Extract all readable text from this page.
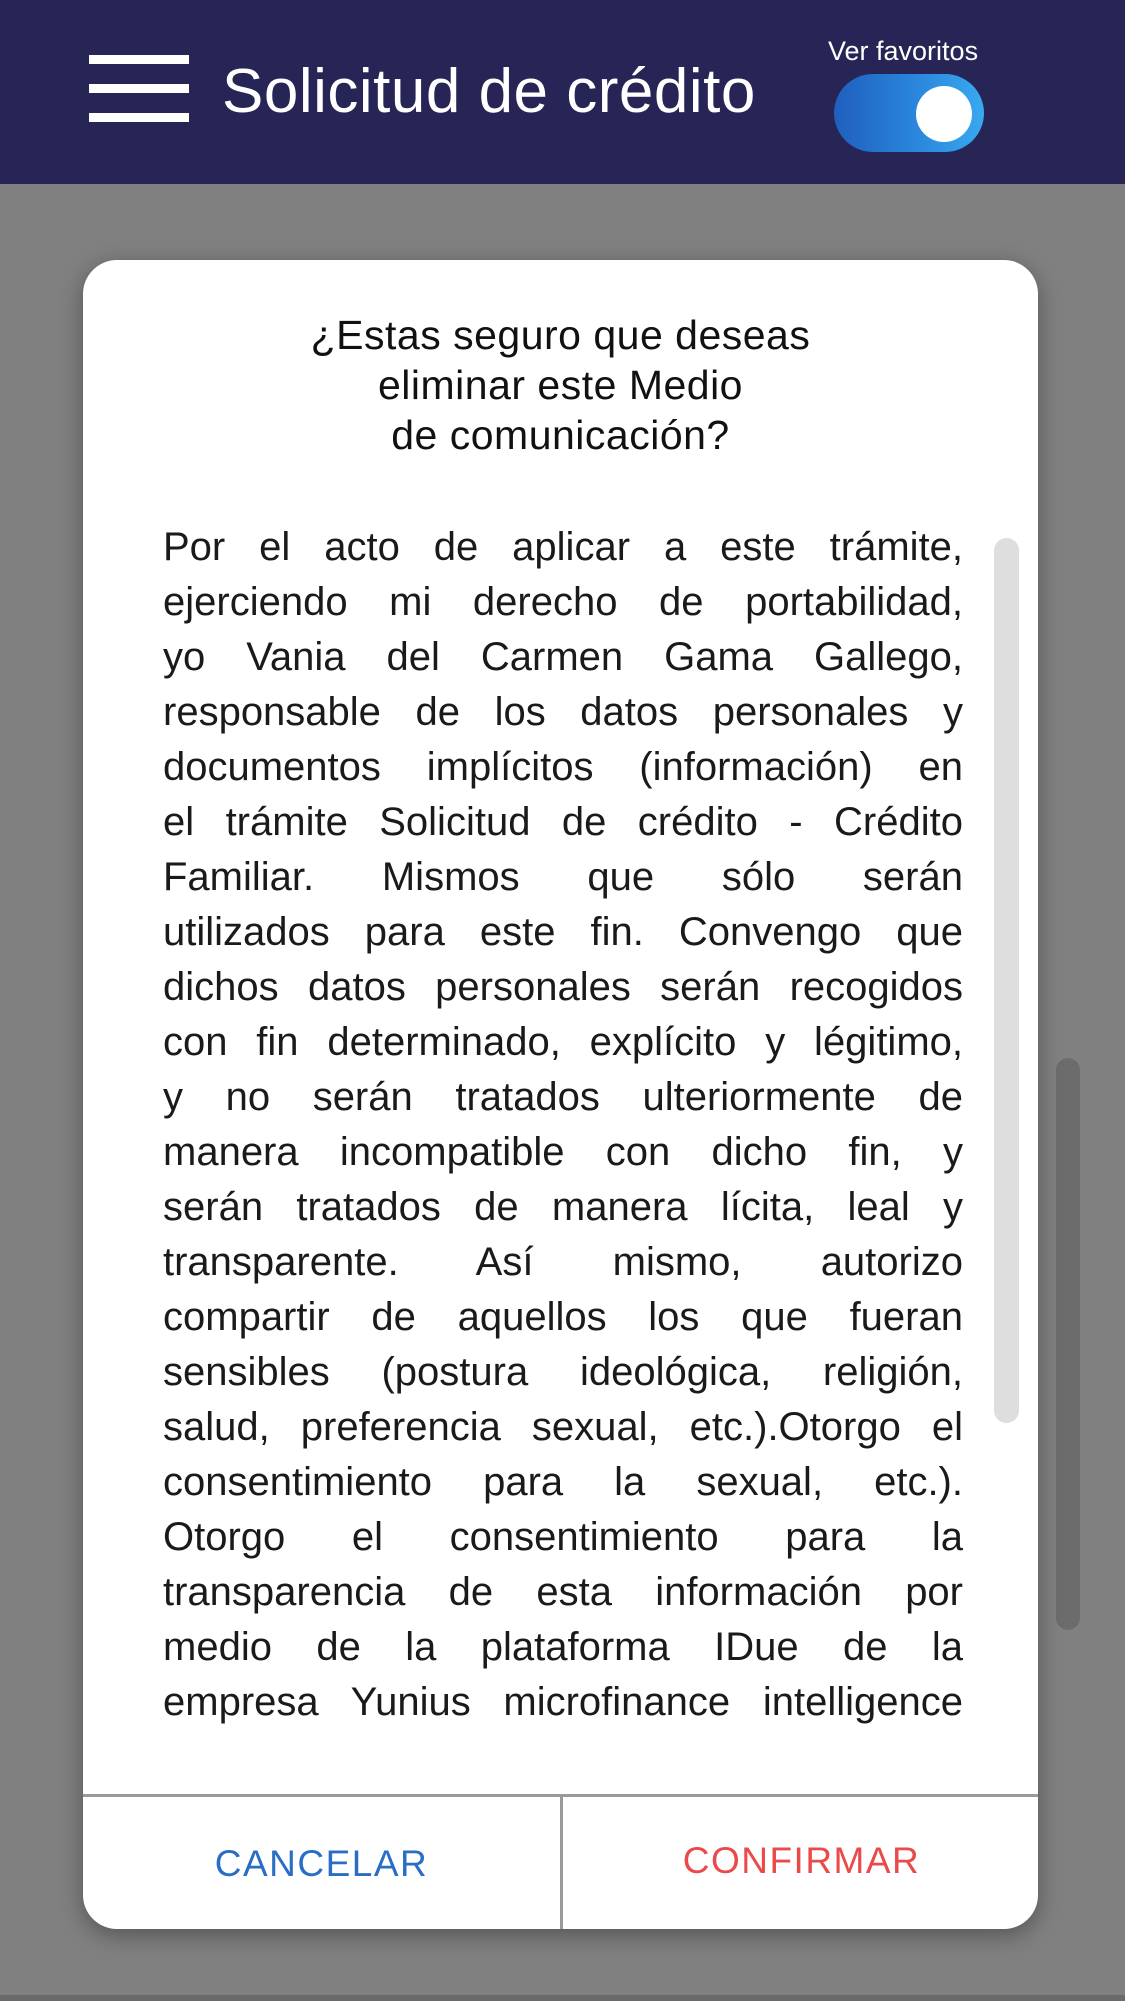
Solicitud de crédito
Ver favoritos
¿Estas seguro que deseas
eliminar este Medio
de comunicación?
Por el acto de aplicar a este trámite,
ejerciendo mi derecho de portabilidad,
yo Vania del Carmen Gama Gallego,
responsable de los datos personales y
documentos implícitos (información) en
el trámite Solicitud de crédito - Crédito
Familiar. Mismos que sólo serán
utilizados para este fin. Convengo que
dichos datos personales serán recogidos
con fin determinado, explícito y légitimo,
y no serán tratados ulteriormente de
manera incompatible con dicho fin, y
serán tratados de manera lícita, leal y
transparente. Así mismo, autorizo
compartir de aquellos los que fueran
sensibles (postura ideológica, religión,
salud, preferencia sexual, etc.).Otorgo el
consentimiento para la sexual, etc.).
Otorgo el consentimiento para la
transparencia de esta información por
medio de la plataforma IDue de la
empresa Yunius microfinance intelligence
CANCELAR	CONFIRMAR
